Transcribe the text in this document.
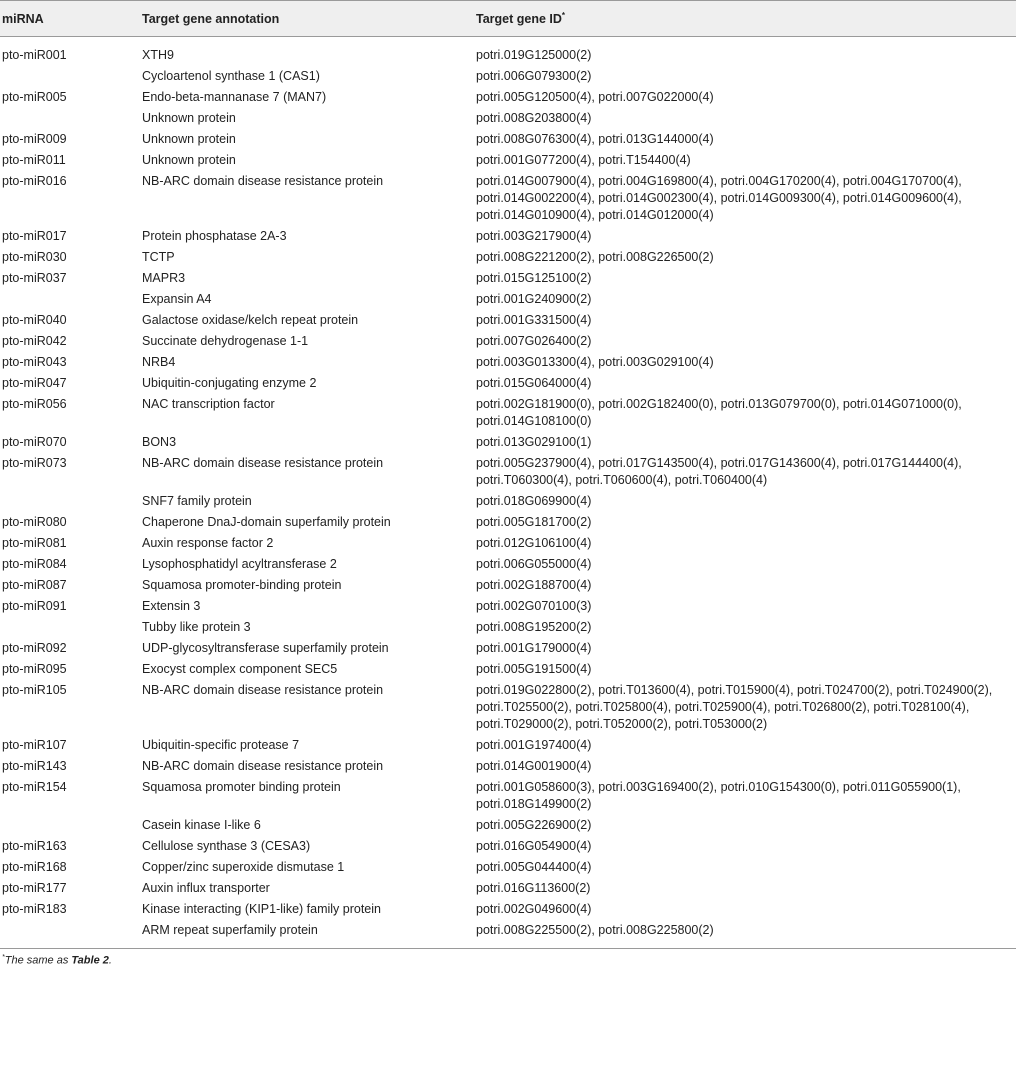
miRNA	Target gene annotation	Target gene ID*

pto-miR001	XTH9	potri.019G125000(2)
	Cycloartenol synthase 1 (CAS1)	potri.006G079300(2)
pto-miR005	Endo-beta-mannanase 7 (MAN7)	potri.005G120500(4), potri.007G022000(4)
	Unknown protein	potri.008G203800(4)
pto-miR009	Unknown protein	potri.008G076300(4), potri.013G144000(4)
pto-miR011	Unknown protein	potri.001G077200(4), potri.T154400(4)
pto-miR016	NB-ARC domain disease resistance protein	potri.014G007900(4), potri.004G169800(4), potri.004G170200(4), potri.004G170700(4), potri.014G002200(4), potri.014G002300(4), potri.014G009300(4), potri.014G009600(4), potri.014G010900(4), potri.014G012000(4)
pto-miR017	Protein phosphatase 2A-3	potri.003G217900(4)
pto-miR030	TCTP	potri.008G221200(2), potri.008G226500(2)
pto-miR037	MAPR3	potri.015G125100(2)
	Expansin A4	potri.001G240900(2)
pto-miR040	Galactose oxidase/kelch repeat protein	potri.001G331500(4)
pto-miR042	Succinate dehydrogenase 1-1	potri.007G026400(2)
pto-miR043	NRB4	potri.003G013300(4), potri.003G029100(4)
pto-miR047	Ubiquitin-conjugating enzyme 2	potri.015G064000(4)
pto-miR056	NAC transcription factor	potri.002G181900(0), potri.002G182400(0), potri.013G079700(0), potri.014G071000(0), potri.014G108100(0)
pto-miR070	BON3	potri.013G029100(1)
pto-miR073	NB-ARC domain disease resistance protein	potri.005G237900(4), potri.017G143500(4), potri.017G143600(4), potri.017G144400(4), potri.T060300(4), potri.T060600(4), potri.T060400(4)
	SNF7 family protein	potri.018G069900(4)
pto-miR080	Chaperone DnaJ-domain superfamily protein	potri.005G181700(2)
pto-miR081	Auxin response factor 2	potri.012G106100(4)
pto-miR084	Lysophosphatidyl acyltransferase 2	potri.006G055000(4)
pto-miR087	Squamosa promoter-binding protein	potri.002G188700(4)
pto-miR091	Extensin 3	potri.002G070100(3)
	Tubby like protein 3	potri.008G195200(2)
pto-miR092	UDP-glycosyltransferase superfamily protein	potri.001G179000(4)
pto-miR095	Exocyst complex component SEC5	potri.005G191500(4)
pto-miR105	NB-ARC domain disease resistance protein	potri.019G022800(2), potri.T013600(4), potri.T015900(4), potri.T024700(2), potri.T024900(2), potri.T025500(2), potri.T025800(4), potri.T025900(4), potri.T026800(2), potri.T028100(4), potri.T029000(2), potri.T052000(2), potri.T053000(2)
pto-miR107	Ubiquitin-specific protease 7	potri.001G197400(4)
pto-miR143	NB-ARC domain disease resistance protein	potri.014G001900(4)
pto-miR154	Squamosa promoter binding protein	potri.001G058600(3), potri.003G169400(2), potri.010G154300(0), potri.011G055900(1), potri.018G149900(2)
	Casein kinase I-like 6	potri.005G226900(2)
pto-miR163	Cellulose synthase 3 (CESA3)	potri.016G054900(4)
pto-miR168	Copper/zinc superoxide dismutase 1	potri.005G044400(4)
pto-miR177	Auxin influx transporter	potri.016G113600(2)
pto-miR183	Kinase interacting (KIP1-like) family protein	potri.002G049600(4)
	ARM repeat superfamily protein	potri.008G225500(2), potri.008G225800(2)
*The same as Table 2.
